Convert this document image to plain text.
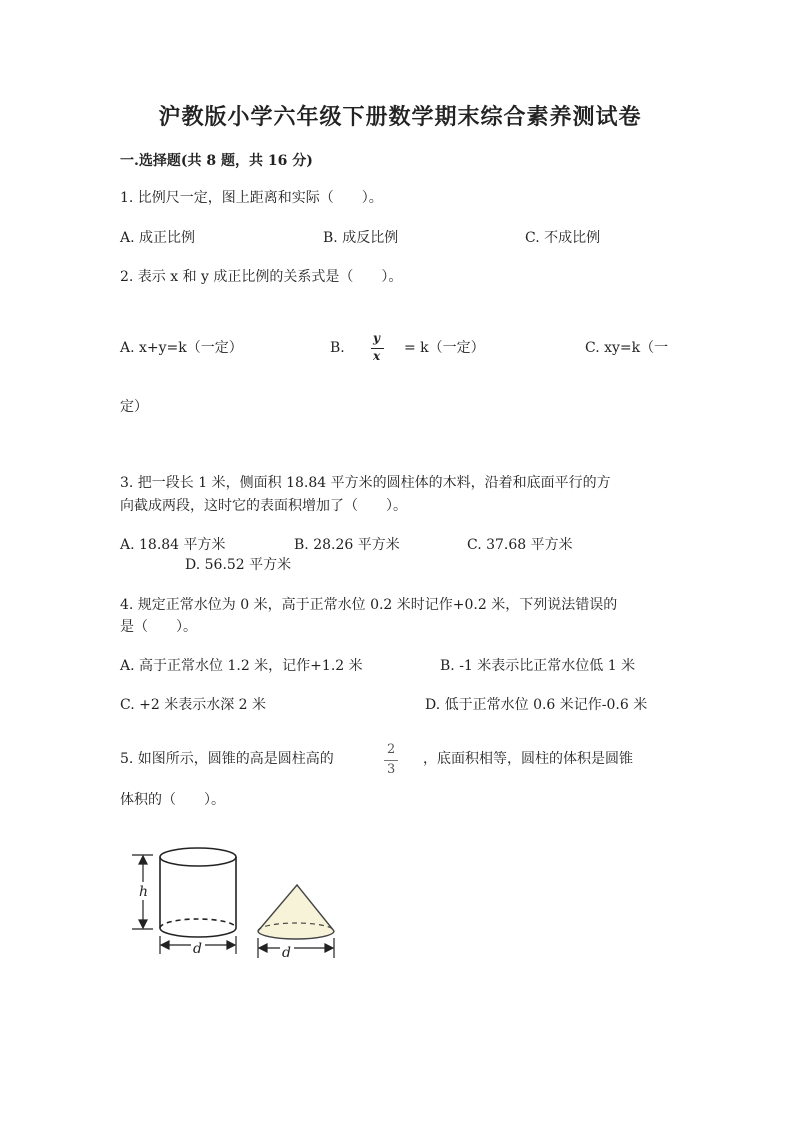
沪教版小学六年级下册数学期末综合素养测试卷
一.选择题(共 8 题，共 16 分)
1. 比例尺一定，图上距离和实际（　　）。
A. 成正比例	B. 成反比例	C. 不成比例
2. 表示 x 和 y 成正比例的关系式是（　　）。
A. x+y=k（一定）	B.
y
x = k（一定）	C. xy=k（一
定）
3. 把一段长 1 米，侧面积 18.84 平方米的圆柱体的木料，沿着和底面平行的方
向截成两段，这时它的表面积增加了（　　）。
A. 18.84 平方米	B. 28.26 平方米	C. 37.68 平方米
D. 56.52 平方米
4. 规定正常水位为 0 米，高于正常水位 0.2 米时记作+0.2 米，下列说法错误的
是（　　）。
A. 高于正常水位 1.2 米，记作+1.2 米	B. -1 米表示比正常水位低 1 米
C. +2 米表示水深 2 米	D. 低于正常水位 0.6 米记作-0.6 米
5. 如图所示，圆锥的高是圆柱高的
2
3
，底面积相等，圆柱的体积是圆锥
体积的（　　）。
h
d	d
